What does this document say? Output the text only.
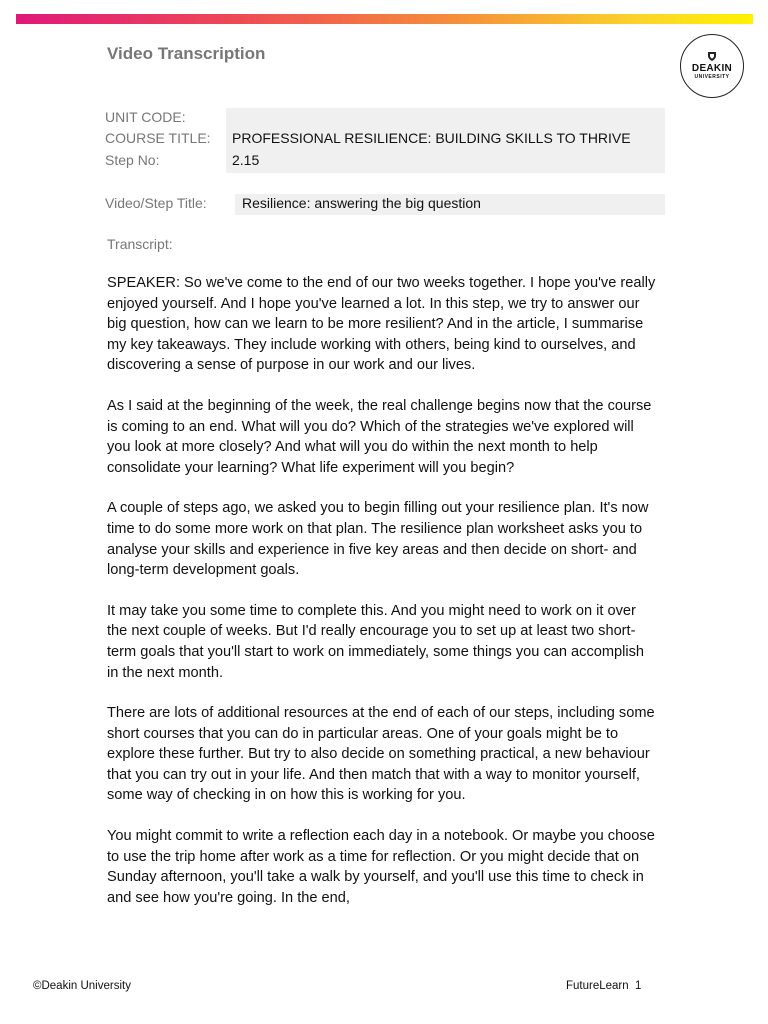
Video Transcription
DEAKIN
UNIVERSITY
UNIT CODE:
COURSE TITLE: PROFESSIONAL RESILIENCE: BUILDING SKILLS TO THRIVE
Step No:	2.15
Video/Step Title:	Resilience: answering the big question
Transcript:

SPEAKER: So we've come to the end of our two weeks together. I hope you've really enjoyed yourself. And I hope you've learned a lot. In this step, we try to answer our big question, how can we learn to be more resilient? And in the article, I summarise my key takeaways. They include working with others, being kind to ourselves, and discovering a sense of purpose in our work and our lives.

As I said at the beginning of the week, the real challenge begins now that the course is coming to an end. What will you do? Which of the strategies we've explored will you look at more closely? And what will you do within the next month to help consolidate your learning? What life experiment will you begin?

A couple of steps ago, we asked you to begin filling out your resilience plan. It's now time to do some more work on that plan. The resilience plan worksheet asks you to analyse your skills and experience in five key areas and then decide on short- and long-term development goals.

It may take you some time to complete this. And you might need to work on it over the next couple of weeks. But I'd really encourage you to set up at least two short-term goals that you'll start to work on immediately, some things you can accomplish in the next month.

There are lots of additional resources at the end of each of our steps, including some short courses that you can do in particular areas. One of your goals might be to explore these further. But try to also decide on something practical, a new behaviour that you can try out in your life. And then match that with a way to monitor yourself, some way of checking in on how this is working for you.

You might commit to write a reflection each day in a notebook. Or maybe you choose to use the trip home after work as a time for reflection. Or you might decide that on Sunday afternoon, you'll take a walk by yourself, and you'll use this time to check in and see how you're going. In the end,

©Deakin University	FutureLearn  1
